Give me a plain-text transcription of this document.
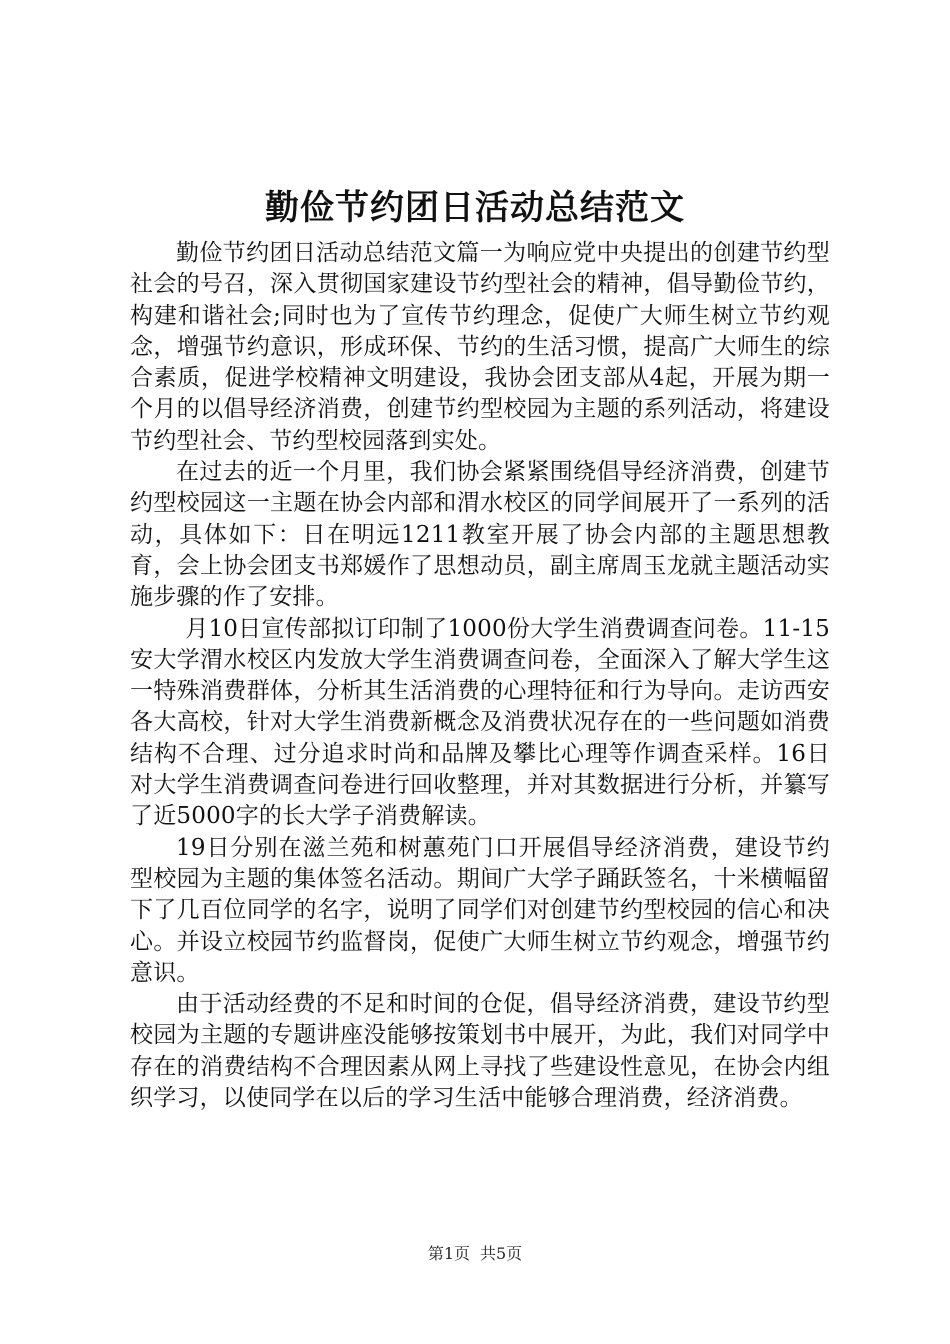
勤俭节约团日活动总结范文

勤俭节约团日活动总结范文篇一为响应党中央提出的创建节约型社会的号召，深入贯彻国家建设节约型社会的精神，倡导勤俭节约，构建和谐社会;同时也为了宣传节约理念，促使广大师生树立节约观念，增强节约意识，形成环保、节约的生活习惯，提高广大师生的综合素质，促进学校精神文明建设，我协会团支部从4起，开展为期一个月的以倡导经济消费，创建节约型校园为主题的系列活动，将建设节约型社会、节约型校园落到实处。

在过去的近一个月里，我们协会紧紧围绕倡导经济消费，创建节约型校园这一主题在协会内部和渭水校区的同学间展开了一系列的活动，具体如下：日在明远1211教室开展了协会内部的主题思想教育，会上协会团支书郑媛作了思想动员，副主席周玉龙就主题活动实施步骤的作了安排。

月10日宣传部拟订印制了1000份大学生消费调查问卷。11-15安大学渭水校区内发放大学生消费调查问卷，全面深入了解大学生这一特殊消费群体，分析其生活消费的心理特征和行为导向。走访西安各大高校，针对大学生消费新概念及消费状况存在的一些问题如消费结构不合理、过分追求时尚和品牌及攀比心理等作调查采样。16日对大学生消费调查问卷进行回收整理，并对其数据进行分析，并纂写了近5000字的长大学子消费解读。

19日分别在滋兰苑和树蕙苑门口开展倡导经济消费，建设节约型校园为主题的集体签名活动。期间广大学子踊跃签名，十米横幅留下了几百位同学的名字，说明了同学们对创建节约型校园的信心和决心。并设立校园节约监督岗，促使广大师生树立节约观念，增强节约意识。

由于活动经费的不足和时间的仓促，倡导经济消费，建设节约型校园为主题的专题讲座没能够按策划书中展开，为此，我们对同学中存在的消费结构不合理因素从网上寻找了些建设性意见，在协会内组织学习，以使同学在以后的学习生活中能够合理消费，经济消费。

第1页 共5页
